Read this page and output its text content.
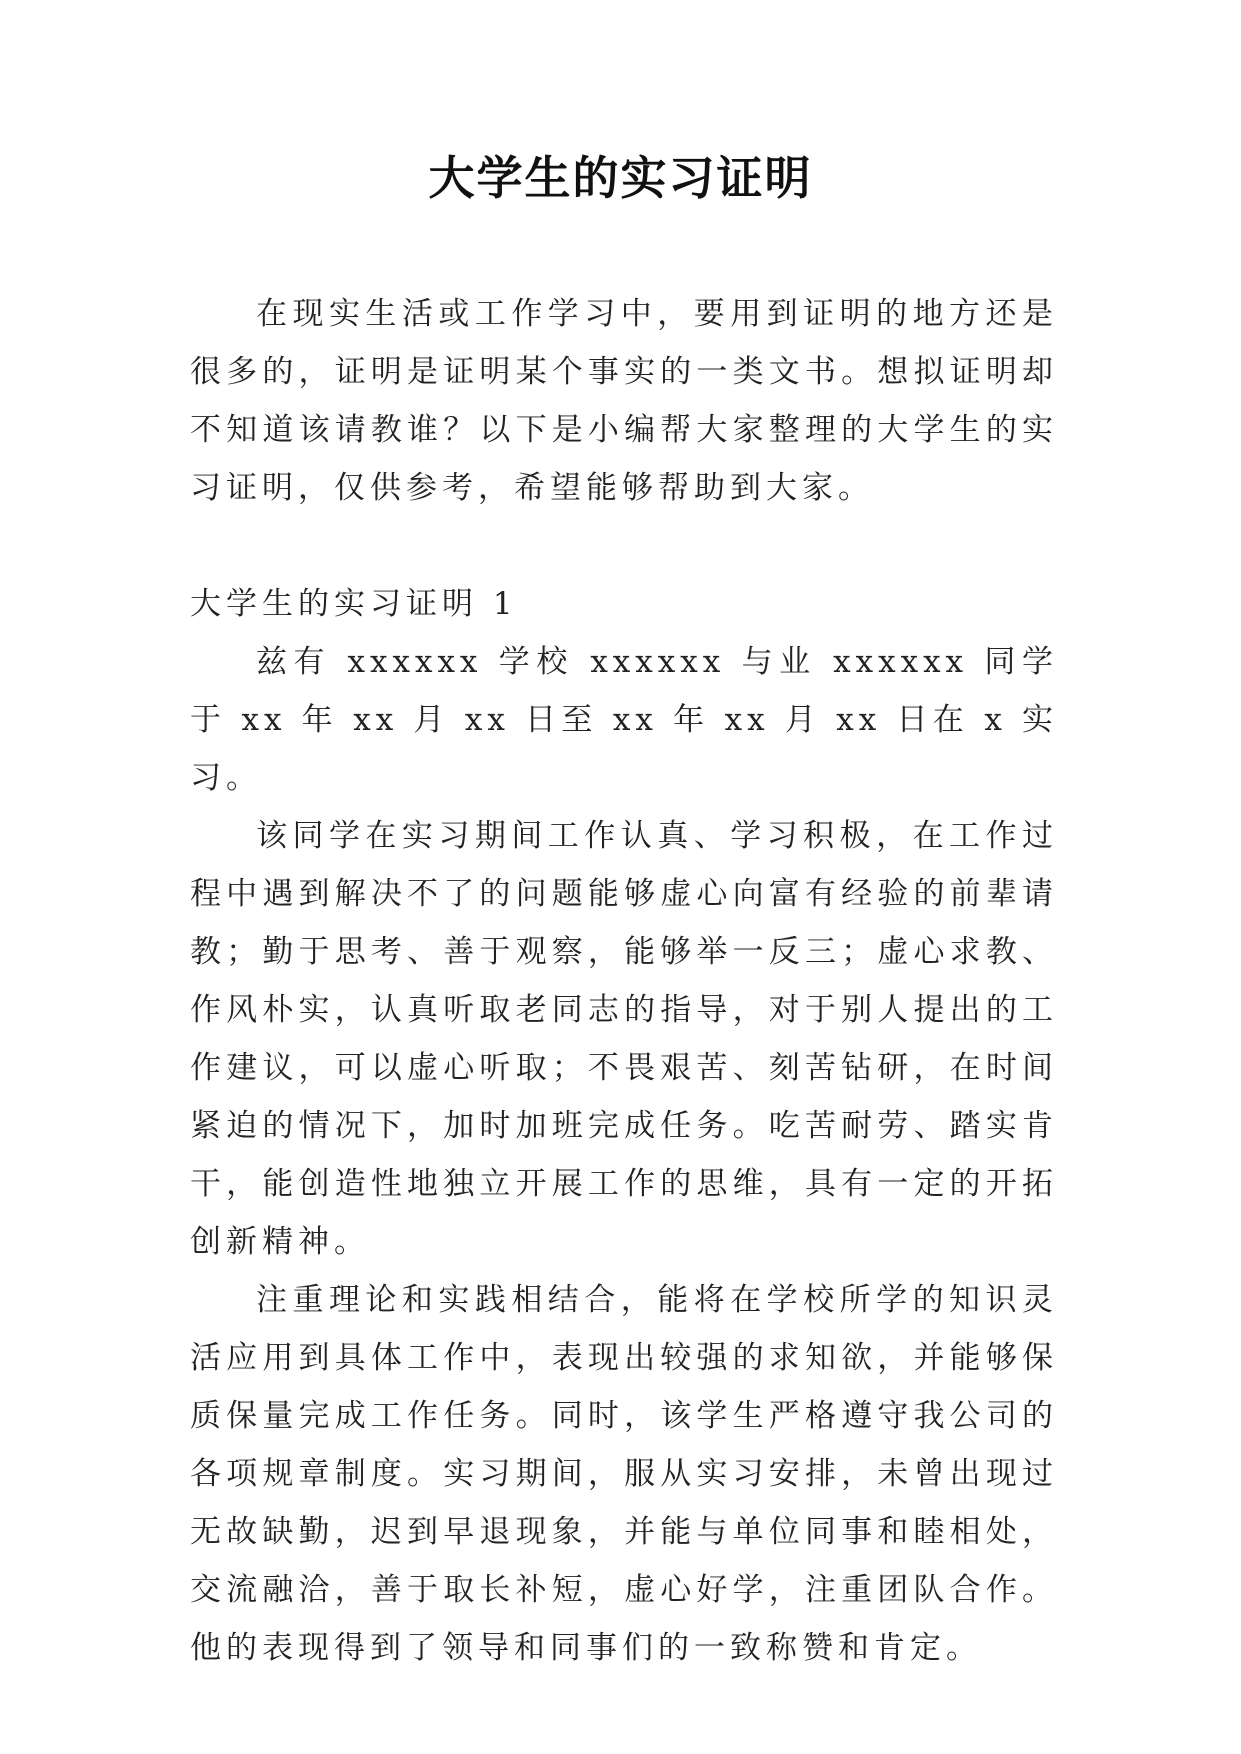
大学生的实习证明

在现实生活或工作学习中，要用到证明的地方还是很多的，证明是证明某个事实的一类文书。想拟证明却不知道该请教谁？以下是小编帮大家整理的大学生的实习证明，仅供参考，希望能够帮助到大家。

大学生的实习证明 1

兹有 xxxxxx 学校 xxxxxx 与业 xxxxxx 同学于 xx 年 xx 月 xx 日至 xx 年 xx 月 xx 日在 x 实习。

该同学在实习期间工作认真、学习积极，在工作过程中遇到解决不了的问题能够虚心向富有经验的前辈请教；勤于思考、善于观察，能够举一反三；虚心求教、作风朴实，认真听取老同志的指导，对于别人提出的工作建议，可以虚心听取；不畏艰苦、刻苦钻研，在时间紧迫的情况下，加时加班完成任务。吃苦耐劳、踏实肯干，能创造性地独立开展工作的思维，具有一定的开拓创新精神。

注重理论和实践相结合，能将在学校所学的知识灵活应用到具体工作中，表现出较强的求知欲，并能够保质保量完成工作任务。同时，该学生严格遵守我公司的各项规章制度。实习期间，服从实习安排，未曾出现过无故缺勤，迟到早退现象，并能与单位同事和睦相处，交流融洽，善于取长补短，虚心好学，注重团队合作。他的表现得到了领导和同事们的一致称赞和肯定。
